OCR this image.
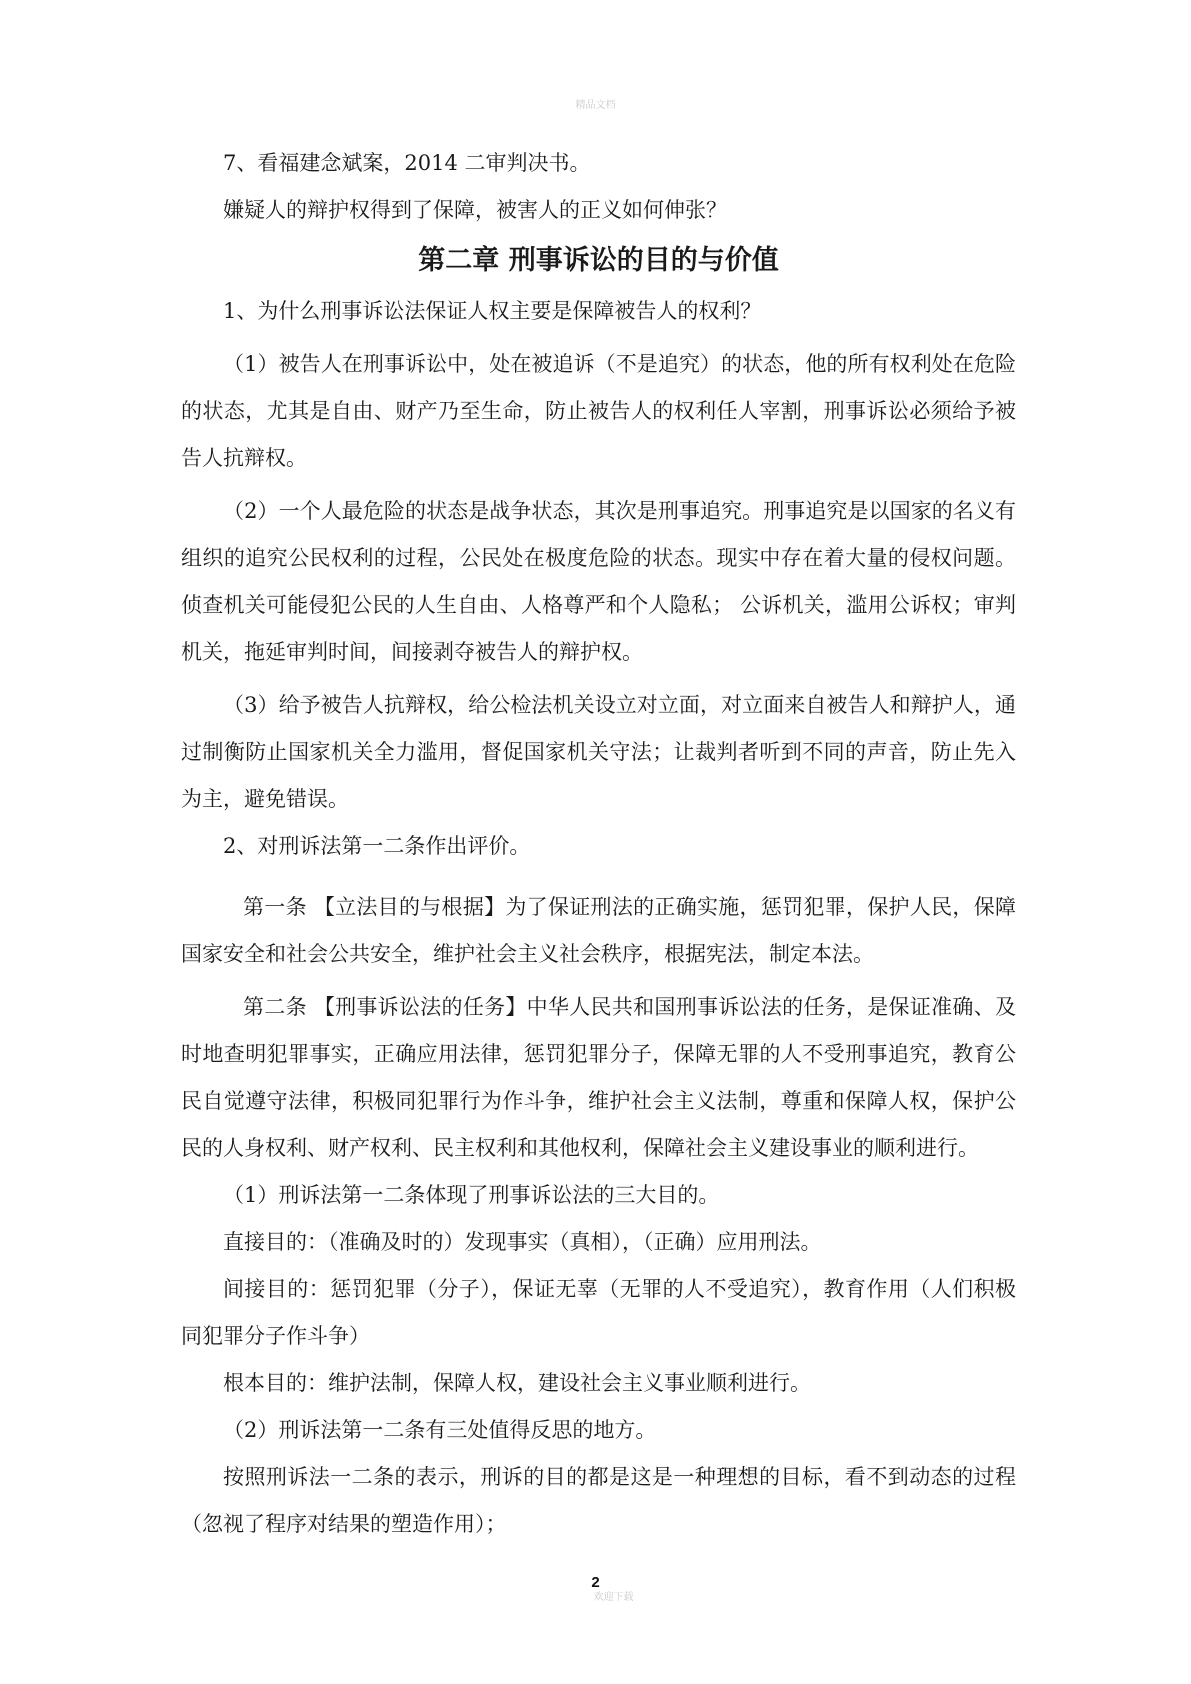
精品文档

7、看福建念斌案，2014 二审判决书。

嫌疑人的辩护权得到了保障，被害人的正义如何伸张？

第二章 刑事诉讼的目的与价值

1、为什么刑事诉讼法保证人权主要是保障被告人的权利？

（1）被告人在刑事诉讼中，处在被追诉（不是追究）的状态，他的所有权利处在危险的状态，尤其是自由、财产乃至生命，防止被告人的权利任人宰割，刑事诉讼必须给予被告人抗辩权。

（2）一个人最危险的状态是战争状态，其次是刑事追究。刑事追究是以国家的名义有组织的追究公民权利的过程，公民处在极度危险的状态。现实中存在着大量的侵权问题。侦查机关可能侵犯公民的人生自由、人格尊严和个人隐私； 公诉机关，滥用公诉权；审判机关，拖延审判时间，间接剥夺被告人的辩护权。

（3）给予被告人抗辩权，给公检法机关设立对立面，对立面来自被告人和辩护人，通过制衡防止国家机关全力滥用，督促国家机关守法；让裁判者听到不同的声音，防止先入为主，避免错误。

2、对刑诉法第一二条作出评价。

第一条 【立法目的与根据】为了保证刑法的正确实施，惩罚犯罪，保护人民，保障国家安全和社会公共安全，维护社会主义社会秩序，根据宪法，制定本法。

第二条 【刑事诉讼法的任务】中华人民共和国刑事诉讼法的任务，是保证准确、及时地查明犯罪事实，正确应用法律，惩罚犯罪分子，保障无罪的人不受刑事追究，教育公民自觉遵守法律，积极同犯罪行为作斗争，维护社会主义法制，尊重和保障人权，保护公民的人身权利、财产权利、民主权利和其他权利，保障社会主义建设事业的顺利进行。

（1）刑诉法第一二条体现了刑事诉讼法的三大目的。

直接目的：（准确及时的）发现事实（真相），（正确）应用刑法。

间接目的：惩罚犯罪（分子），保证无辜（无罪的人不受追究），教育作用（人们积极同犯罪分子作斗争）

根本目的：维护法制，保障人权，建设社会主义事业顺利进行。

（2）刑诉法第一二条有三处值得反思的地方。

按照刑诉法一二条的表示，刑诉的目的都是这是一种理想的目标，看不到动态的过程（忽视了程序对结果的塑造作用）；

2
欢迎下载
